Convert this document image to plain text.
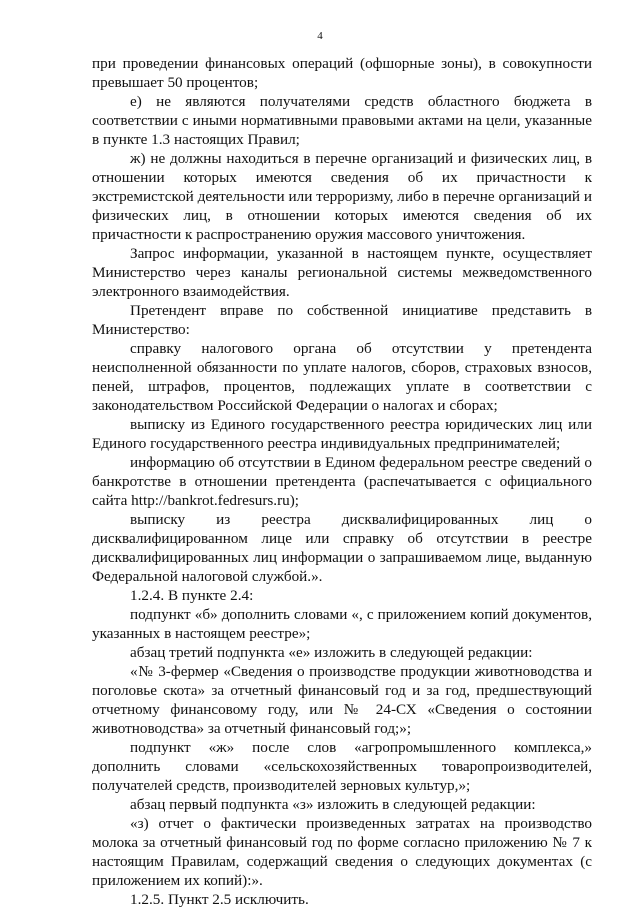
4

при проведении финансовых операций (офшорные зоны), в совокупности превышает 50 процентов;

е) не являются получателями средств областного бюджета в соответствии с иными нормативными правовыми актами на цели, указанные в пункте 1.3 настоящих Правил;

ж) не должны находиться в перечне организаций и физических лиц, в отношении которых имеются сведения об их причастности к экстремистской деятельности или терроризму, либо в перечне организаций и физических лиц, в отношении которых имеются сведения об их причастности к распространению оружия массового уничтожения.

Запрос информации, указанной в настоящем пункте, осуществляет Министерство через каналы региональной системы межведомственного электронного взаимодействия.

Претендент вправе по собственной инициативе представить в Министерство:

справку налогового органа об отсутствии у претендента неисполненной обязанности по уплате налогов, сборов, страховых взносов, пеней, штрафов, процентов, подлежащих уплате в соответствии с законодательством Российской Федерации о налогах и сборах;

выписку из Единого государственного реестра юридических лиц или Единого государственного реестра индивидуальных предпринимателей;

информацию об отсутствии в Едином федеральном реестре сведений о банкротстве в отношении претендента (распечатывается с официального сайта http://bankrot.fedresurs.ru);

выписку из реестра дисквалифицированных лиц о дисквалифицированном лице или справку об отсутствии в реестре дисквалифицированных лиц информации о запрашиваемом лице, выданную Федеральной налоговой службой.».

1.2.4. В пункте 2.4:

подпункт «б» дополнить словами «, с приложением копий документов, указанных в настоящем реестре»;

абзац третий подпункта «е» изложить в следующей редакции:

«№ 3-фермер «Сведения о производстве продукции животноводства и поголовье скота» за отчетный финансовый год и за год, предшествующий отчетному финансовому году, или № 24-СХ «Сведения о состоянии животноводства» за отчетный финансовый год;»;

подпункт «ж» после слов «агропромышленного комплекса,» дополнить словами «сельскохозяйственных товаропроизводителей, получателей средств, производителей зерновых культур,»;

абзац первый подпункта «з» изложить в следующей редакции:

«з) отчет о фактически произведенных затратах на производство молока за отчетный финансовый год по форме согласно приложению № 7 к настоящим Правилам, содержащий сведения о следующих документах (с приложением их копий):».

1.2.5. Пункт 2.5 исключить.
